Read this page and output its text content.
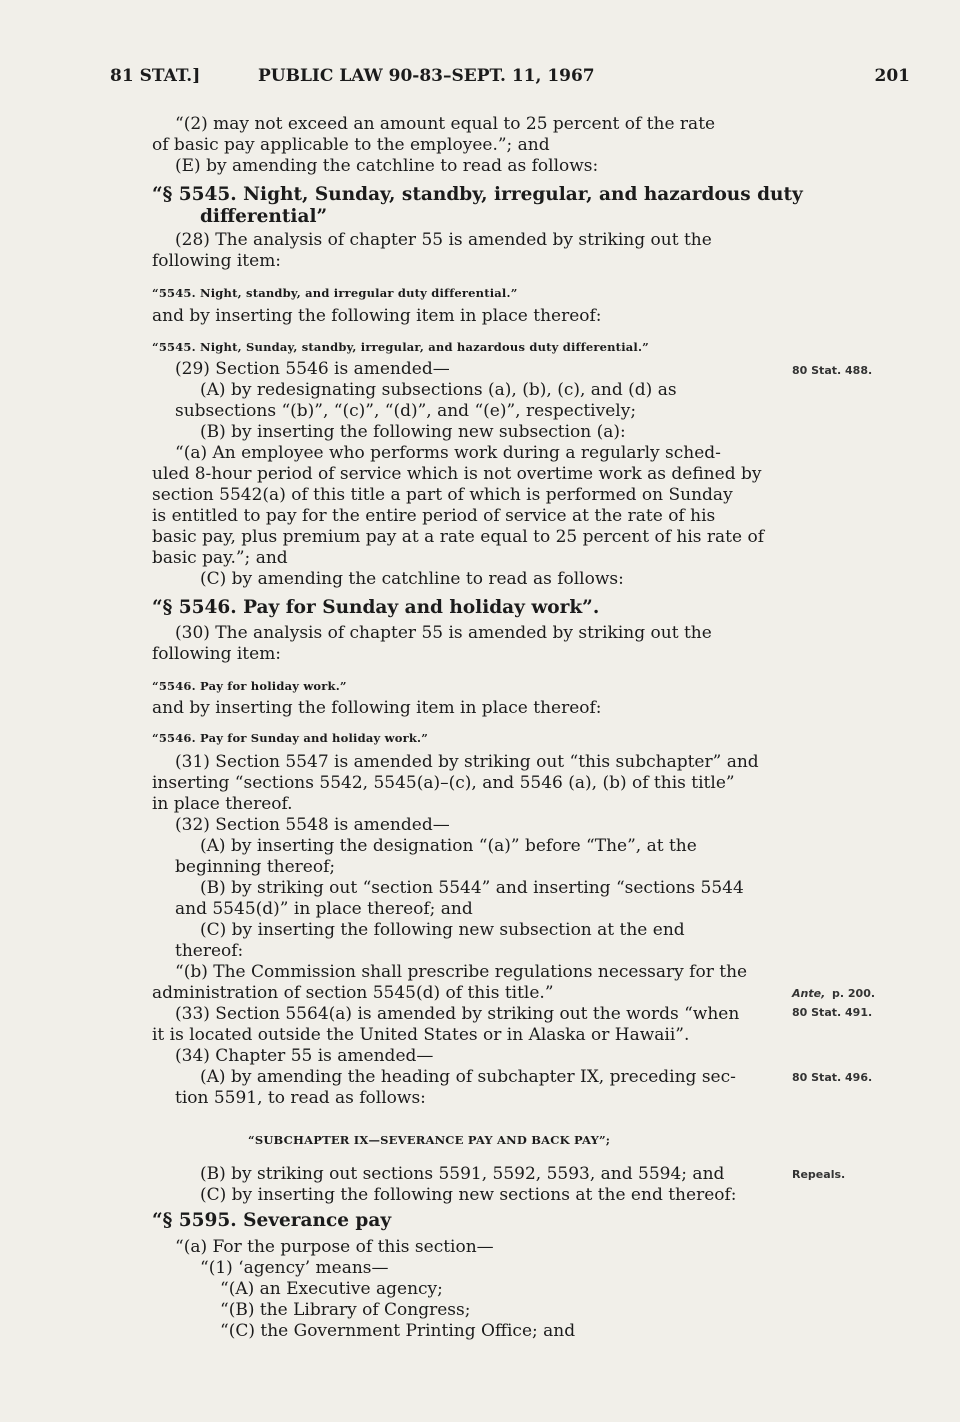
81 STAT.]	PUBLIC LAW 90-83–SEPT. 11, 1967	201
“(2) may not exceed an amount equal to 25 percent of the rate
of basic pay applicable to the employee.”; and
(E) by amending the catchline to read as follows:
“§ 5545. Night, Sunday, standby, irregular, and hazardous duty
differential”
(28) The analysis of chapter 55 is amended by striking out the
following item:
“5545. Night, standby, and irregular duty differential.”
and by inserting the following item in place thereof:
“5545. Night, Sunday, standby, irregular, and hazardous duty differential.”
(29) Section 5546 is amended—
(A) by redesignating subsections (a), (b), (c), and (d) as
subsections “(b)”, “(c)”, “(d)”, and “(e)”, respectively;
(B) by inserting the following new subsection (a):
“(a) An employee who performs work during a regularly sched-
uled 8-hour period of service which is not overtime work as defined by
section 5542(a) of this title a part of which is performed on Sunday
is entitled to pay for the entire period of service at the rate of his
basic pay, plus premium pay at a rate equal to 25 percent of his rate of
basic pay.”; and
(C) by amending the catchline to read as follows:
“§ 5546. Pay for Sunday and holiday work”.
(30) The analysis of chapter 55 is amended by striking out the
following item:
“5546. Pay for holiday work.”
and by inserting the following item in place thereof:
“5546. Pay for Sunday and holiday work.”
(31) Section 5547 is amended by striking out “this subchapter” and
inserting “sections 5542, 5545(a)–(c), and 5546 (a), (b) of this title”
in place thereof.
(32) Section 5548 is amended—
(A) by inserting the designation “(a)” before “The”, at the
beginning thereof;
(B) by striking out “section 5544” and inserting “sections 5544
and 5545(d)” in place thereof; and
(C) by inserting the following new subsection at the end
thereof:
“(b) The Commission shall prescribe regulations necessary for the
administration of section 5545(d) of this title.”
(33) Section 5564(a) is amended by striking out the words “when
it is located outside the United States or in Alaska or Hawaii”.
(34) Chapter 55 is amended—
(A) by amending the heading of subchapter IX, preceding sec-
tion 5591, to read as follows:
“SUBCHAPTER IX—SEVERANCE PAY AND BACK PAY”;
(B) by striking out sections 5591, 5592, 5593, and 5594; and
(C) by inserting the following new sections at the end thereof:
“§ 5595. Severance pay
“(a) For the purpose of this section—
“(1) ‘agency’ means—
“(A) an Executive agency;
“(B) the Library of Congress;
“(C) the Government Printing Office; and
80 Stat. 488.
Ante, p. 200.
80 Stat. 491.
80 Stat. 496.
Repeals.
